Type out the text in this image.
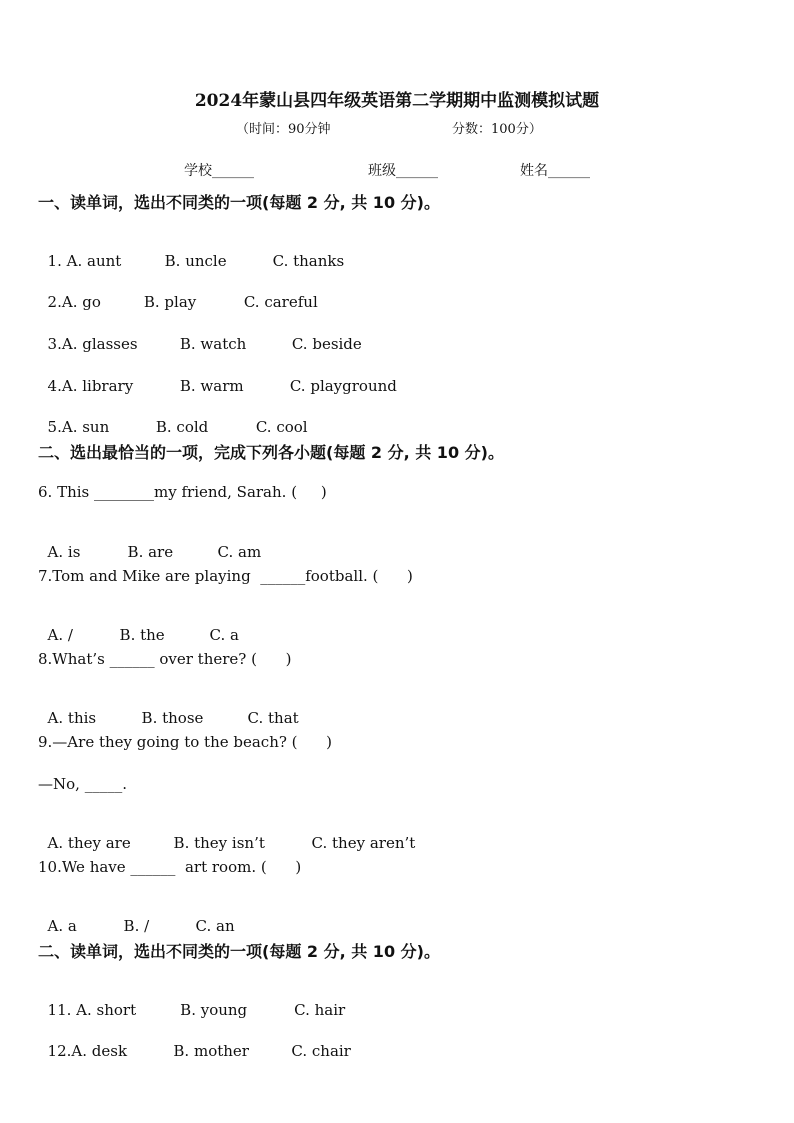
2024年蒙山县四年级英语第二学期期中监测模拟试题
（时间：90分钟	分数：100分）
学校______	班级______	姓名______
一、读单词，选出不同类的一项(每题 2 分, 共 10 分)。

1. A. aunt	B. uncle	C. thanks

2.A. go	B. play	C. careful

3.A. glasses	B. watch	C. beside

4.A. library	B. warm	C. playground

5.A. sun	B. cold	C. cool

二、选出最恰当的一项，完成下列各小题(每题 2 分, 共 10 分)。
6. This ________my friend, Sarah. (     )

A. is	B. are	C. am

7.Tom and Mike are playing  ______football. (      )

A. /	B. the	C. a

8.What’s ______ over there? (      )

A. this	B. those	C. that

9.—Are they going to the beach? (      )
—No, _____.

A. they are	B. they isn’t	C. they aren’t

10.We have ______  art room. (      )

A. a	B. /	C. an

二、读单词，选出不同类的一项(每题 2 分, 共 10 分)。

11. A. short	B. young	C. hair

12.A. desk	B. mother	C. chair
